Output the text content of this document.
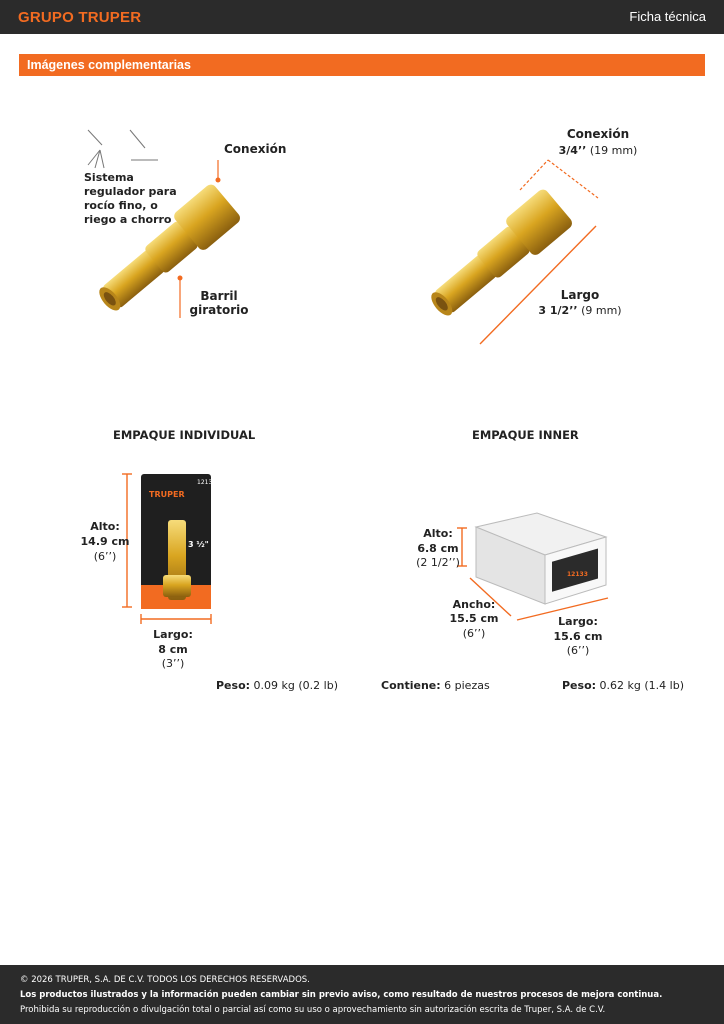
GRUPO TRUPER	Ficha técnica
Imágenes complementarias
Conexión
Sistema regulador para rocío fino, o riego a chorro
Barril giratorio
Conexión
3/4’’ (19 mm)
Largo
3 1/2’’ (9 mm)
EMPAQUE INDIVIDUAL
TRUPER
3 ½"
12133
Alto:
14.9 cm
(6’’)
Largo:
8 cm
(3’’)
Peso: 0.09 kg (0.2 lb)
EMPAQUE INNER
12133
Alto:
6.8 cm
(2 1/2’’)
Ancho:
15.5 cm
(6’’)
Largo:
15.6 cm
(6’’)
Contiene: 6 piezas	Peso: 0.62 kg (1.4 lb)
© 2026 TRUPER, S.A. DE C.V. TODOS LOS DERECHOS RESERVADOS.
Los productos ilustrados y la información pueden cambiar sin previo aviso, como resultado de nuestros procesos de mejora continua.
Prohibida su reproducción o divulgación total o parcial así como su uso o aprovechamiento sin autorización escrita de Truper, S.A. de C.V.
